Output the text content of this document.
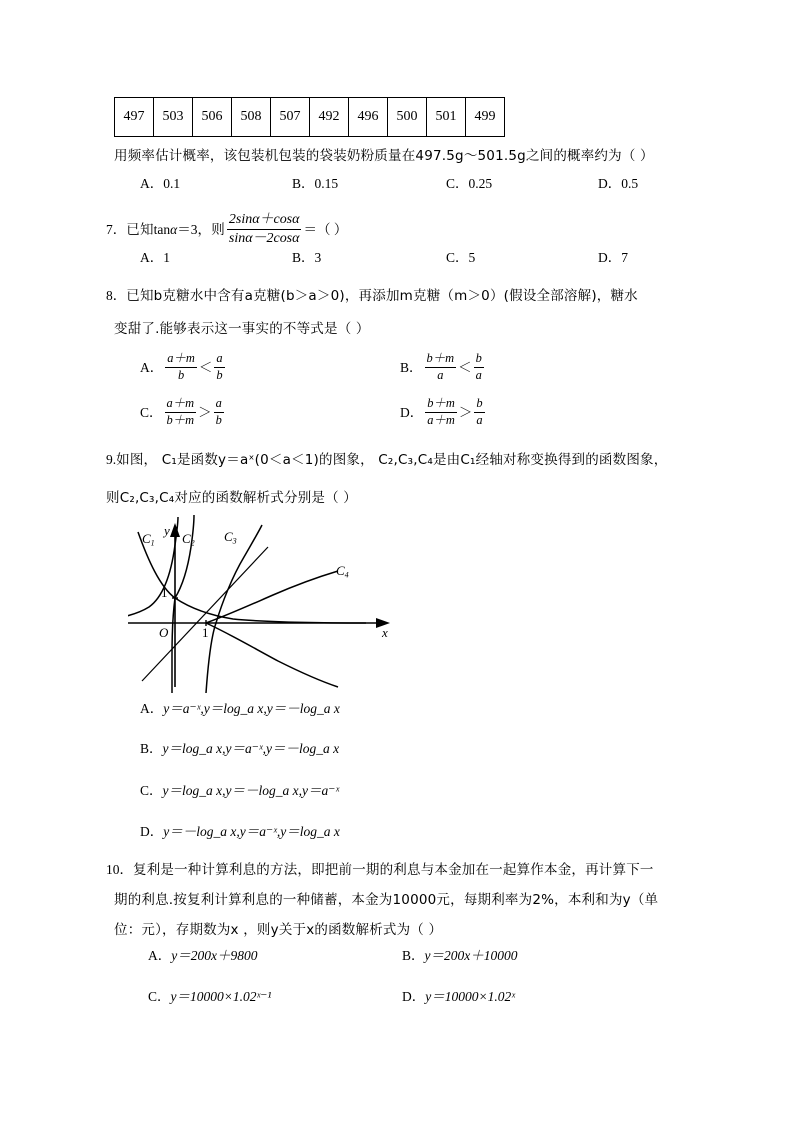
497	503	506	508	507	492	496	500	501	499
用频率估计概率，该包装机包装的袋装奶粉质量在497.5g～501.5g之间的概率约为（ ）
A．0.1	B．0.15	C．0.25	D．0.5
7．已知tanα＝3，则 $\frac{2\sin\alpha+\cos\alpha}{\sin\alpha-2\cos\alpha}$ ＝（ ）
A．1	B．3	C．5	D．7
8．已知b克糖水中含有a克糖(b＞a＞0)，再添加m克糖（m＞0）(假设全部溶解)，糖水
变甜了.能够表示这一事实的不等式是（ ）
A． $\frac{a+m}{b} < \frac{a}{b}$	B． $\frac{b+m}{a} < \frac{b}{a}$
C． $\frac{a+m}{b+m} > \frac{a}{b}$	D． $\frac{b+m}{a+m} > \frac{b}{a}$
9.如图， C₁是函数y＝aˣ(0＜a＜1)的图象， C₂,C₃,C₄是由C₁经轴对称变换得到的函数图象，
则C₂,C₃,C₄对应的函数解析式分别是（ ）
$C_1$ $C_2$ $C_3$
$C_4$
O	1
1
y
x
A．y＝a⁻ˣ,y＝log_a x,y＝－log_a x
B．y＝log_a x,y＝a⁻ˣ,y＝－log_a x
C．y＝log_a x,y＝－log_a x,y＝a⁻ˣ
D．y＝－log_a x,y＝a⁻ˣ,y＝log_a x
10．复利是一种计算利息的方法，即把前一期的利息与本金加在一起算作本金，再计算下一
期的利息.按复利计算利息的一种储蓄，本金为10000元，每期利率为2%，本利和为y（单
位：元），存期数为x ，则y关于x的函数解析式为（ ）
A．y＝200x＋9800	B．y＝200x＋10000
C．y＝10000×1.02ˣ⁻¹	D．y＝10000×1.02ˣ
